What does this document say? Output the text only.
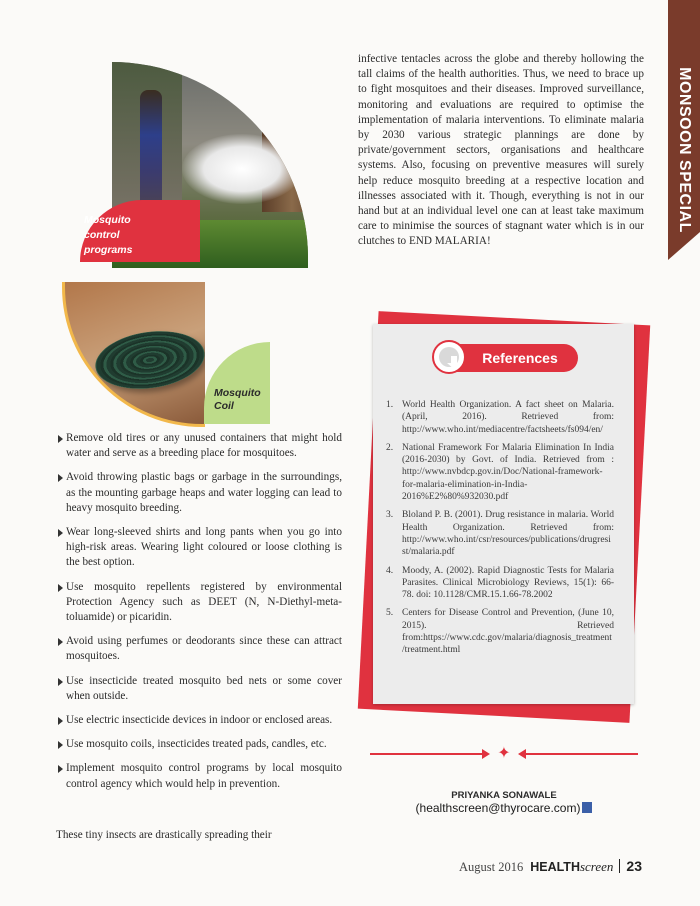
MONSOON SPECIAL
Mosquito control programs
Mosquito Coil
infective tentacles across the globe and thereby hollowing the tall claims of the health authorities. Thus, we need to brace up to fight mosquitoes and their diseases. Improved surveillance, monitoring and evaluations are required to optimise the implementation of malaria interventions. To eliminate malaria by 2030 various strategic plannings are done by private/government sectors, organisations and healthcare systems. Also, focusing on preventive measures will surely help reduce mosquito breeding at a respective location and illnesses associated with it. Though, everything is not in our hand but at an individual level one can at least take maximum care to minimise the sources of stagnant water which is in our clutches to END MALARIA!
Remove old tires or any unused containers that might hold water and serve as a breeding place for mosquitoes.
Avoid throwing plastic bags or garbage in the surroundings, as the mounting garbage heaps and water logging can lead to heavy mosquito breeding.
Wear long-sleeved shirts and long pants when you go into high-risk areas. Wearing light coloured or loose clothing is the best option.
Use mosquito repellents registered by environmental Protection Agency such as DEET (N, N-Diethyl-meta-toluamide) or picaridin.
Avoid using perfumes or deodorants since these can attract mosquitoes.
Use insecticide treated mosquito bed nets or some cover when outside.
Use electric insecticide devices in indoor or enclosed areas.
Use mosquito coils, insecticides treated pads, candles, etc.
Implement mosquito control programs by local mosquito control agency which would help in prevention.
These tiny insects are drastically spreading their
References
1. World Health Organization. A fact sheet on Malaria. (April, 2016). Retrieved from: http://www.who.int/mediacentre/factsheets/fs094/en/
2. National Framework For Malaria Elimination In India (2016-2030) by Govt. of India. Retrieved from : http://www.nvbdcp.gov.in/Doc/National-framework-for-malaria-elimination-in-India-2016%E2%80%932030.pdf
3. Bloland P. B. (2001). Drug resistance in malaria. World Health Organization. Retrieved from: http://www.who.int/csr/resources/publications/drugresist/malaria.pdf
4. Moody, A. (2002). Rapid Diagnostic Tests for Malaria Parasites. Clinical Microbiology Reviews, 15(1): 66-78. doi: 10.1128/CMR.15.1.66-78.2002
5. Centers for Disease Control and Prevention, (June 10, 2015). Retrieved from:https://www.cdc.gov/malaria/diagnosis_treatment/treatment.html
✦
PRIYANKA SONAWALE
(healthscreen@thyrocare.com)
August 2016 HEALTHscreen 23
